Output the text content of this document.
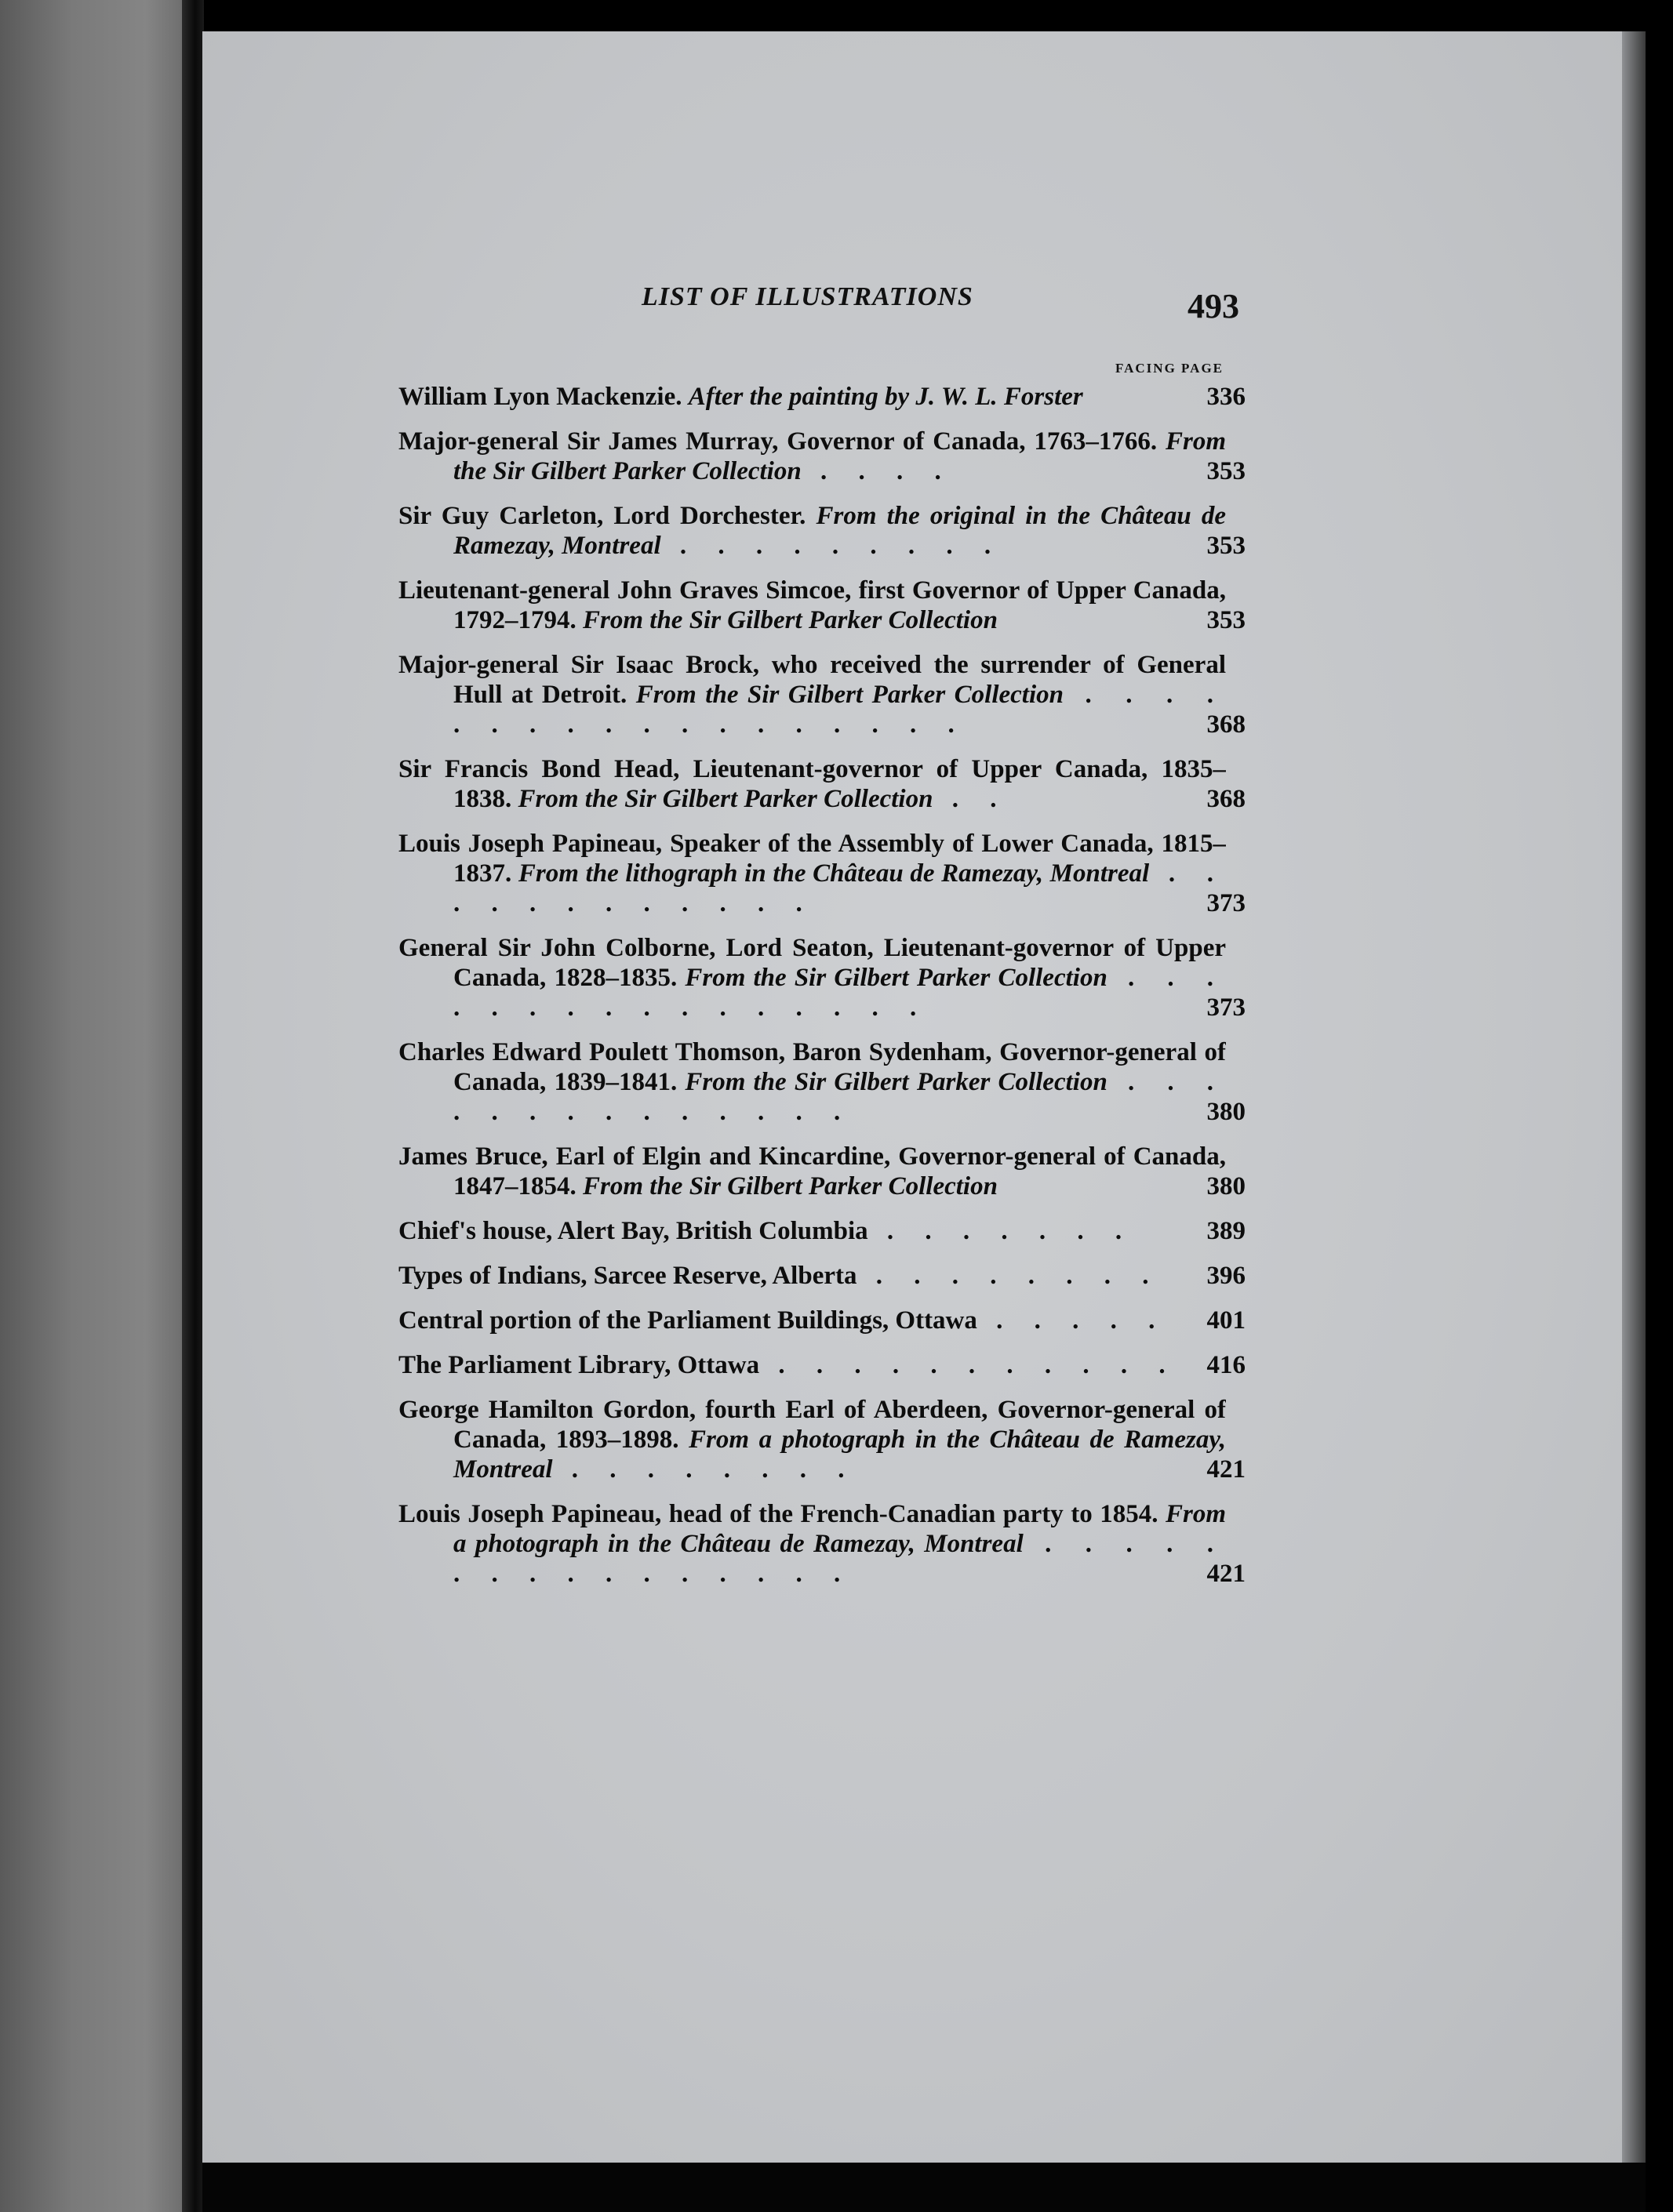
LIST OF ILLUSTRATIONS	493
FACING PAGE
William Lyon Mackenzie. After the painting by J. W. L. Forster	336
Major-general Sir James Murray, Governor of Canada, 1763–1766. From the Sir Gilbert Parker Collection . . . .	353
Sir Guy Carleton, Lord Dorchester. From the original in the Château de Ramezay, Montreal . . . . . . . . .	353
Lieutenant-general John Graves Simcoe, first Governor of Upper Canada, 1792–1794. From the Sir Gilbert Parker Collection	353
Major-general Sir Isaac Brock, who received the surrender of General Hull at Detroit. From the Sir Gilbert Parker Collection . . . . . . . . . . . . . . . . . .	368
Sir Francis Bond Head, Lieutenant-governor of Upper Canada, 1835–1838. From the Sir Gilbert Parker Collection . .	368
Louis Joseph Papineau, Speaker of the Assembly of Lower Canada, 1815–1837. From the lithograph in the Château de Ramezay, Montreal . . . . . . . . . . . .	373
General Sir John Colborne, Lord Seaton, Lieutenant-governor of Upper Canada, 1828–1835. From the Sir Gilbert Parker Collection . . . . . . . . . . . . . . . .	373
Charles Edward Poulett Thomson, Baron Sydenham, Governor-general of Canada, 1839–1841. From the Sir Gilbert Parker Collection . . . . . . . . . . . . . .	380
James Bruce, Earl of Elgin and Kincardine, Governor-general of Canada, 1847–1854. From the Sir Gilbert Parker Collection	380
Chief's house, Alert Bay, British Columbia . . . . . . .	389
Types of Indians, Sarcee Reserve, Alberta . . . . . . . .	396
Central portion of the Parliament Buildings, Ottawa . . . . .	401
The Parliament Library, Ottawa . . . . . . . . . . .	416
George Hamilton Gordon, fourth Earl of Aberdeen, Governor-general of Canada, 1893–1898. From a photograph in the Château de Ramezay, Montreal . . . . . . . .	421
Louis Joseph Papineau, head of the French-Canadian party to 1854. From a photograph in the Château de Ramezay, Montreal . . . . . . . . . . . . . . . .	421
